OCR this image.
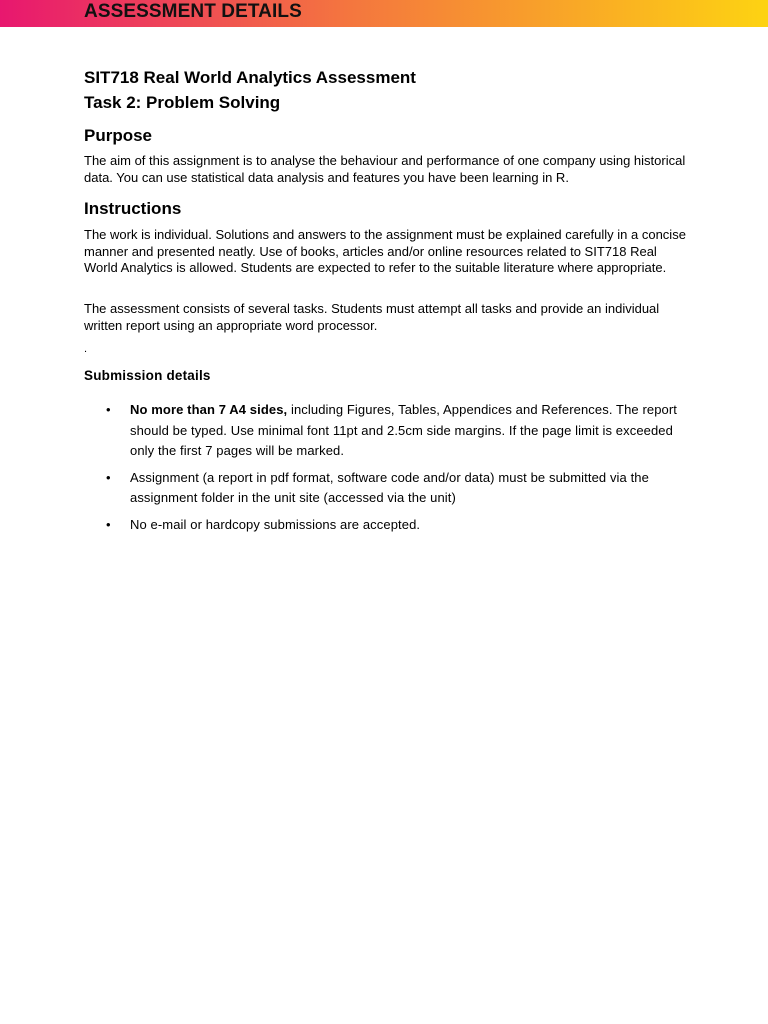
ASSESSMENT DETAILS
SIT718 Real World Analytics Assessment
Task 2: Problem Solving
Purpose

The aim of this assignment is to analyse the behaviour and performance of one company using historical data. You can use statistical data analysis and features you have been learning in R.

Instructions

The work is individual. Solutions and answers to the assignment must be explained carefully in a concise manner and presented neatly. Use of books, articles and/or online resources related to SIT718 Real World Analytics is allowed. Students are expected to refer to the suitable literature where appropriate.

The assessment consists of several tasks. Students must attempt all tasks and provide an individual written report using an appropriate word processor.

.
Submission details
• No more than 7 A4 sides, including Figures, Tables, Appendices and References. The report should be typed. Use minimal font 11pt and 2.5cm side margins. If the page limit is exceeded only the first 7 pages will be marked.
• Assignment (a report in pdf format, software code and/or data) must be submitted via the assignment folder in the unit site (accessed via the unit)
• No e-mail or hardcopy submissions are accepted.
